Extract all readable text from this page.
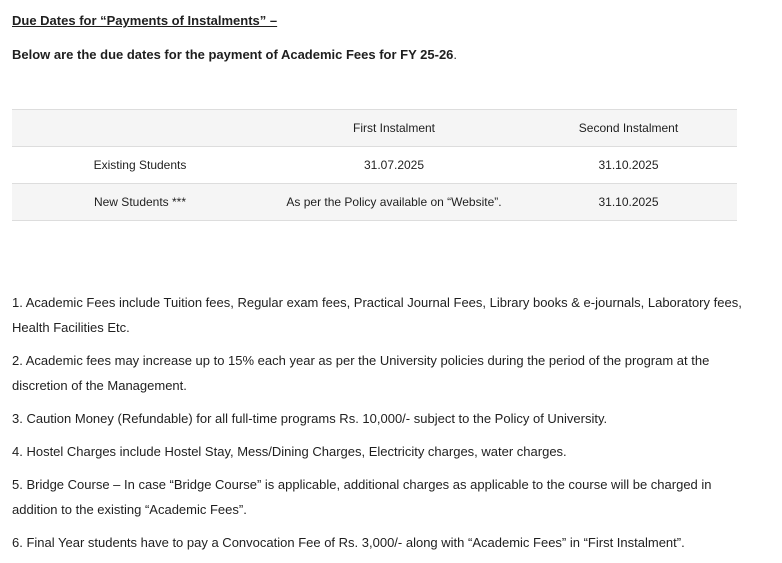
Due Dates for “Payments of Instalments” –

Below are the due dates for the payment of Academic Fees for FY 25-26.

	First Instalment	Second Instalment
Existing Students	31.07.2025	31.10.2025
New Students ***	As per the Policy available on “Website”.	31.10.2025
1. Academic Fees include Tuition fees, Regular exam fees, Practical Journal Fees, Library books & e-journals, Laboratory fees, Health Facilities Etc.
2. Academic fees may increase up to 15% each year as per the University policies during the period of the program at the discretion of the Management.
3. Caution Money (Refundable) for all full-time programs Rs. 10,000/- subject to the Policy of University.
4. Hostel Charges include Hostel Stay, Mess/Dining Charges, Electricity charges, water charges.
5. Bridge Course – In case “Bridge Course” is applicable, additional charges as applicable to the course will be charged in addition to the existing “Academic Fees”.
6. Final Year students have to pay a Convocation Fee of Rs. 3,000/- along with “Academic Fees” in “First Instalment”.
